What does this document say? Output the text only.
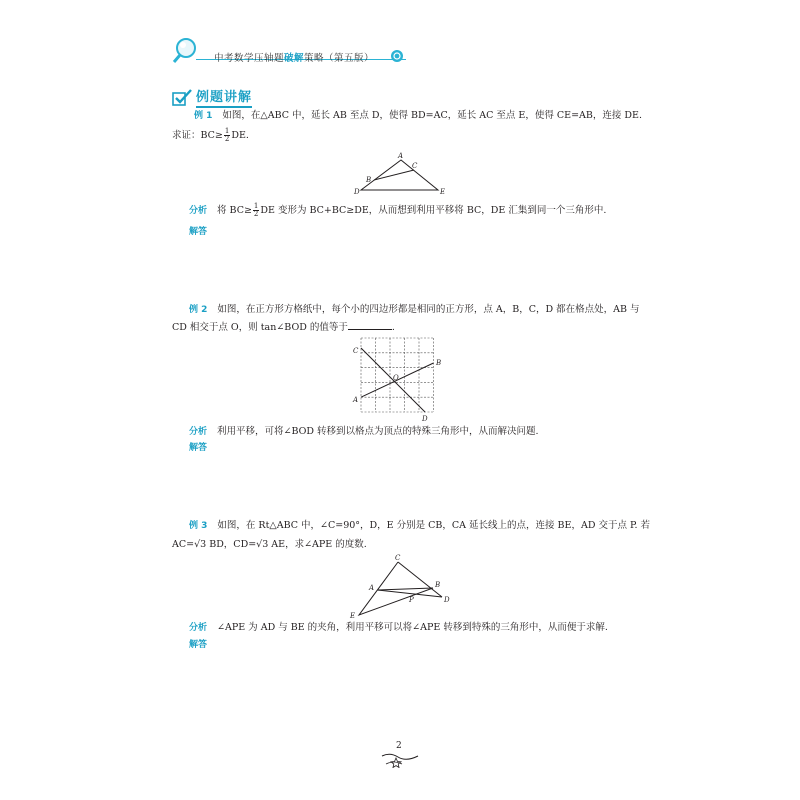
中考数学压轴题破解策略（第五版）
例题讲解
例 1 如图，在△ABC 中，延长 AB 至点 D，使得 BD=AC，延长 AC 至点 E，使得 CE=AB，连接 DE.
求证：$BC\ge \frac{1}{2}$ DE.
A
B
C
D	E
分析 将 $BC\ge \frac{1}{2}$ DE 变形为 BC+BC≥DE，从而想到利用平移将 BC，DE 汇集到同一个三角形中.
解答
例 2 如图，在正方形方格纸中，每个小的四边形都是相同的正方形，点 A，B，C，D 都在格点处，AB 与
CD 相交于点 O，则 tan∠BOD 的值等于	.
C
B
A
O
D
分析 利用平移，可将∠BOD 转移到以格点为顶点的特殊三角形中，从而解决问题.
解答
例 3 如图，在 Rt△ABC 中，∠C=90°，D，E 分别是 CB，CA 延长线上的点，连接 BE，AD 交于点 P. 若
AC=√3 BD，CD=√3 AE，求∠APE 的度数.
C
A	B
D
P
E
分析 ∠APE 为 AD 与 BE 的夹角，利用平移可以将∠APE 转移到特殊的三角形中，从而便于求解.
解答
2
